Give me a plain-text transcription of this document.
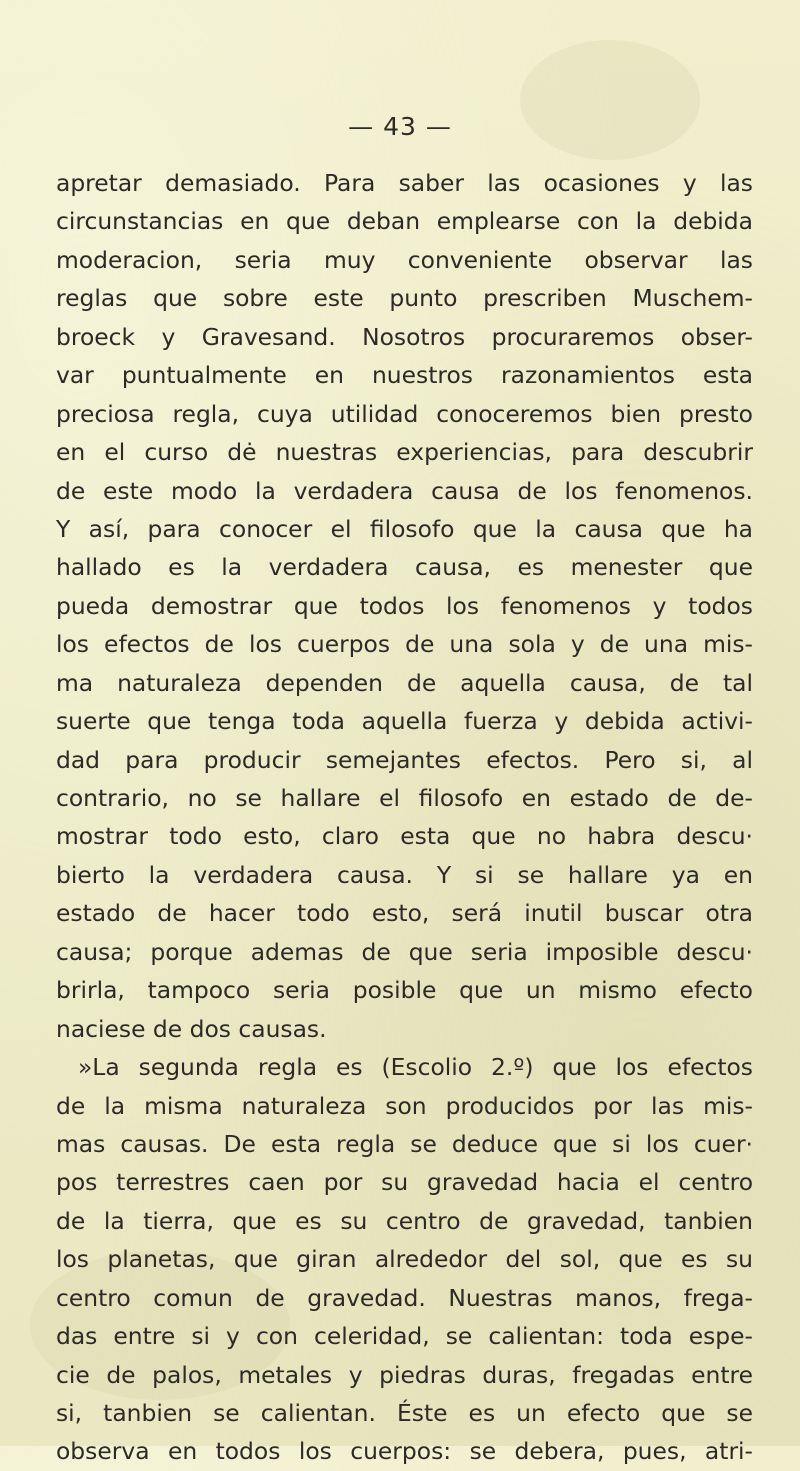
— 43 —
apretar demasiado. Para saber las ocasiones y las
circunstancias en que deban emplearse con la debida
moderacion, seria muy conveniente observar las
reglas que sobre este punto prescriben Muschem-
broeck y Gravesand. Nosotros procuraremos obser-
var puntualmente en nuestros razonamientos esta
preciosa regla, cuya utilidad conoceremos bien presto
en el curso dė nuestras experiencias, para descubrir
de este modo la verdadera causa de los fenomenos.
Y así, para conocer el filosofo que la causa que ha
hallado es la verdadera causa, es menester que
pueda demostrar que todos los fenomenos y todos
los efectos de los cuerpos de una sola y de una mis-
ma naturaleza dependen de aquella causa, de tal
suerte que tenga toda aquella fuerza y debida activi-
dad para producir semejantes efectos. Pero si, al
contrario, no se hallare el filosofo en estado de de-
mostrar todo esto, claro esta que no habra descu·
bierto la verdadera causa. Y si se hallare ya en
estado de hacer todo esto, será inutil buscar otra
causa; porque ademas de que seria imposible descu·
brirla, tampoco seria posible que un mismo efecto
naciese de dos causas.
»La segunda regla es (Escolio 2.º) que los efectos
de la misma naturaleza son producidos por las mis-
mas causas. De esta regla se deduce que si los cuer·
pos terrestres caen por su gravedad hacia el centro
de la tierra, que es su centro de gravedad, tanbien
los planetas, que giran alrededor del sol, que es su
centro comun de gravedad. Nuestras manos, frega-
das entre si y con celeridad, se calientan: toda espe-
cie de palos, metales y piedras duras, fregadas entre
si, tanbien se calientan. Éste es un efecto que se
observa en todos los cuerpos: se debera, pues, atri-
